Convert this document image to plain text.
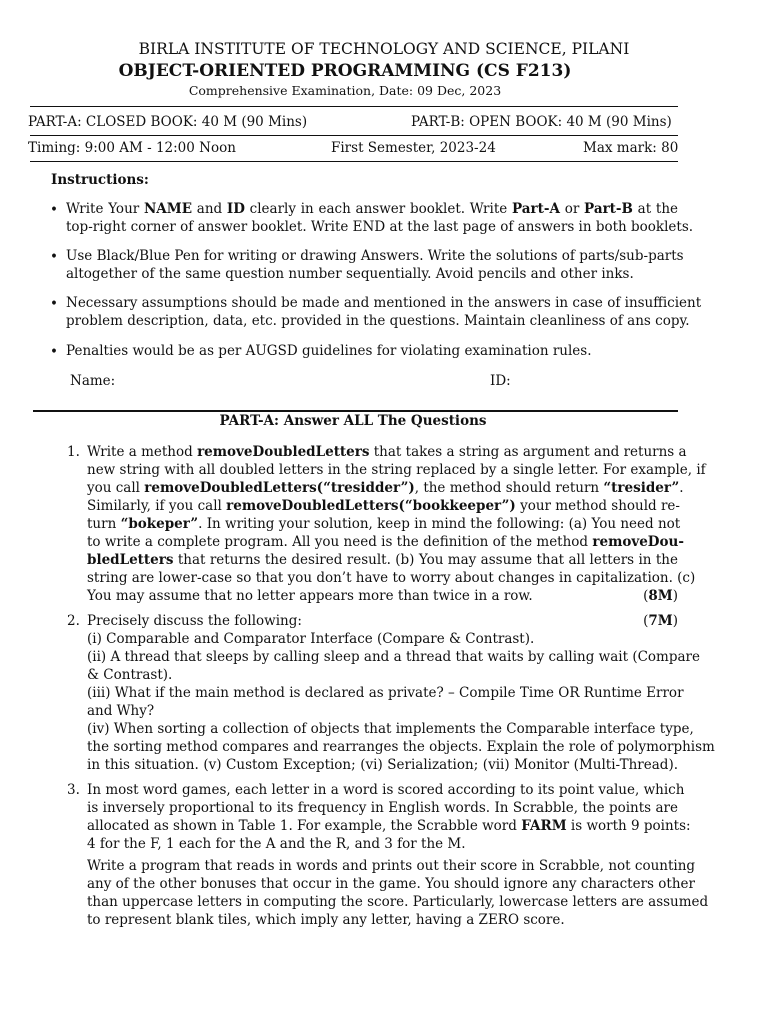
BIRLA INSTITUTE OF TECHNOLOGY AND SCIENCE, PILANI
OBJECT-ORIENTED PROGRAMMING (CS F213)
Comprehensive Examination, Date: 09 Dec, 2023
PART-A: CLOSED BOOK: 40 M (90 Mins)	PART-B: OPEN BOOK: 40 M (90 Mins)
Timing: 9:00 AM - 12:00 Noon	First Semester, 2023-24	Max mark: 80
Instructions:
• Write Your NAME and ID clearly in each answer booklet. Write Part-A or Part-B at the
top-right corner of answer booklet. Write END at the last page of answers in both booklets.
• Use Black/Blue Pen for writing or drawing Answers. Write the solutions of parts/sub-parts
altogether of the same question number sequentially. Avoid pencils and other inks.
• Necessary assumptions should be made and mentioned in the answers in case of insufficient
problem description, data, etc. provided in the questions. Maintain cleanliness of ans copy.
• Penalties would be as per AUGSD guidelines for violating examination rules.
Name:	ID:
PART-A: Answer ALL The Questions
1. Write a method removeDoubledLetters that takes a string as argument and returns a
new string with all doubled letters in the string replaced by a single letter. For example, if
you call removeDoubledLetters(“tresidder”), the method should return “tresider”.
Similarly, if you call removeDoubledLetters(“bookkeeper”) your method should re-
turn “bokeper”. In writing your solution, keep in mind the following: (a) You need not
to write a complete program. All you need is the definition of the method removeDou-
bledLetters that returns the desired result. (b) You may assume that all letters in the
string are lower-case so that you don’t have to worry about changes in capitalization. (c)
You may assume that no letter appears more than twice in a row.	(8M)
2. Precisely discuss the following:	(7M)
(i) Comparable and Comparator Interface (Compare & Contrast).
(ii) A thread that sleeps by calling sleep and a thread that waits by calling wait (Compare
& Contrast).
(iii) What if the main method is declared as private? – Compile Time OR Runtime Error
and Why?
(iv) When sorting a collection of objects that implements the Comparable interface type,
the sorting method compares and rearranges the objects. Explain the role of polymorphism
in this situation. (v) Custom Exception; (vi) Serialization; (vii) Monitor (Multi-Thread).
3. In most word games, each letter in a word is scored according to its point value, which
is inversely proportional to its frequency in English words. In Scrabble, the points are
allocated as shown in Table 1. For example, the Scrabble word FARM is worth 9 points:
4 for the F, 1 each for the A and the R, and 3 for the M.
Write a program that reads in words and prints out their score in Scrabble, not counting
any of the other bonuses that occur in the game. You should ignore any characters other
than uppercase letters in computing the score. Particularly, lowercase letters are assumed
to represent blank tiles, which imply any letter, having a ZERO score.
